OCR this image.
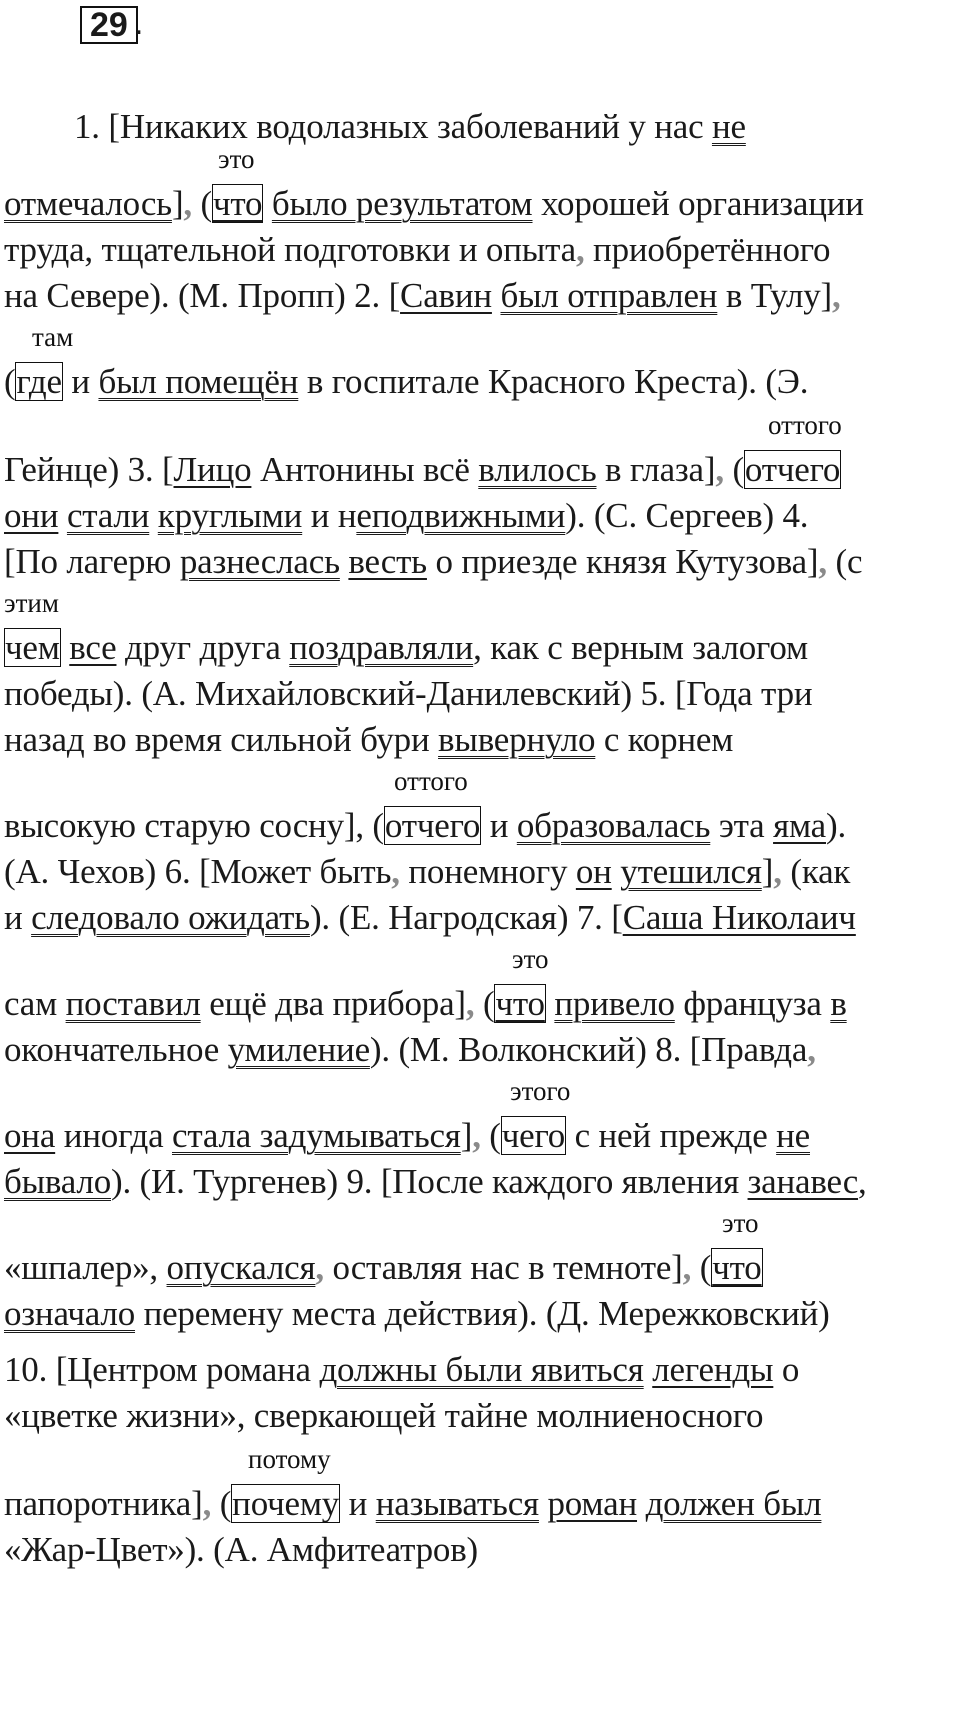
29 .
1. [Никаких водолазных заболеваний у нас не
это
отмечалось], (что было результатом хорошей организации
труда, тщательной подготовки и опыта, приобретённого
на Севере). (М. Пропп) 2. [Савин был отправлен в Тулу],
там
(где и был помещён в госпитале Красного Креста). (Э.
оттого
Гейнце) 3. [Лицо Антонины всё влилось в глаза], (отчего
они стали круглыми и неподвижными). (С. Сергеев) 4.
[По лагерю разнеслась весть о приезде князя Кутузова], (с
этим
чем все друг друга поздравляли, как с верным залогом
победы). (А. Михайловский-Данилевский) 5. [Года три
назад во время сильной бури вывернуло с корнем
оттого
высокую старую сосну], (отчего и образовалась эта яма).
(А. Чехов) 6. [Может быть, понемногу он утешился], (как
и следовало ожидать). (Е. Нагродская) 7. [Саша Николаич
это
сам поставил ещё два прибора], (что привело француза в
окончательное умиление). (М. Волконский) 8. [Правда,
этого
она иногда стала задумываться], (чего с ней прежде не
бывало). (И. Тургенев) 9. [После каждого явления занавес,
это
«шпалер», опускался, оставляя нас в темноте], (что
означало перемену места действия). (Д. Мережковский)
10. [Центром романа должны были явиться легенды о
«цветке жизни», сверкающей тайне молниеносного
потому
папоротника], (почему и называться роман должен был
«Жар-Цвет»). (А. Амфитеатров)
